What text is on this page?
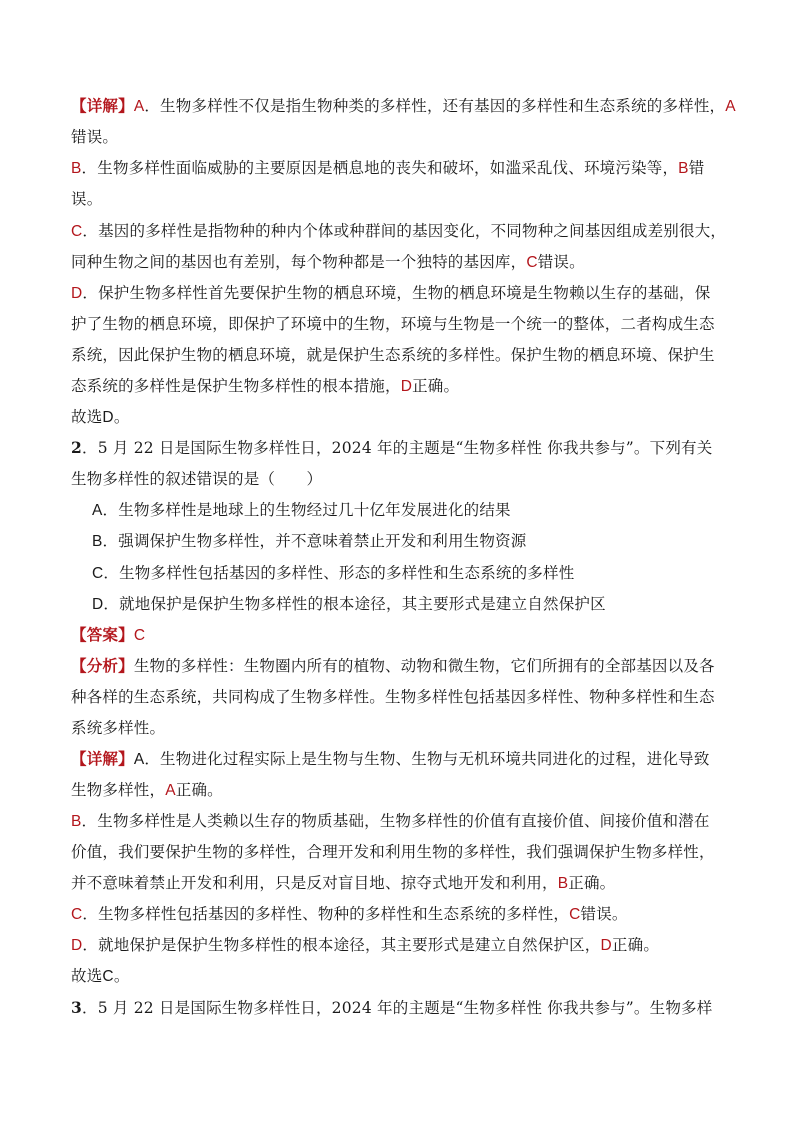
【详解】A．生物多样性不仅是指生物种类的多样性，还有基因的多样性和生态系统的多样性，A
错误。
B．生物多样性面临威胁的主要原因是栖息地的丧失和破坏，如滥采乱伐、环境污染等，B错
误。
C．基因的多样性是指物种的种内个体或种群间的基因变化，不同物种之间基因组成差别很大，
同种生物之间的基因也有差别，每个物种都是一个独特的基因库，C错误。
D．保护生物多样性首先要保护生物的栖息环境，生物的栖息环境是生物赖以生存的基础，保
护了生物的栖息环境，即保护了环境中的生物，环境与生物是一个统一的整体，二者构成生态
系统，因此保护生物的栖息环境，就是保护生态系统的多样性。保护生物的栖息环境、保护生
态系统的多样性是保护生物多样性的根本措施，D正确。
故选D。
2．5 月 22 日是国际生物多样性日，2024 年的主题是“生物多样性 你我共参与”。下列有关
生物多样性的叙述错误的是（　　）
A．生物多样性是地球上的生物经过几十亿年发展进化的结果
B．强调保护生物多样性，并不意味着禁止开发和利用生物资源
C．生物多样性包括基因的多样性、形态的多样性和生态系统的多样性
D．就地保护是保护生物多样性的根本途径，其主要形式是建立自然保护区
【答案】C
【分析】生物的多样性：生物圈内所有的植物、动物和微生物，它们所拥有的全部基因以及各
种各样的生态系统，共同构成了生物多样性。生物多样性包括基因多样性、物种多样性和生态
系统多样性。
【详解】A．生物进化过程实际上是生物与生物、生物与无机环境共同进化的过程，进化导致
生物多样性，A正确。
B．生物多样性是人类赖以生存的物质基础，生物多样性的价值有直接价值、间接价值和潜在
价值，我们要保护生物的多样性，合理开发和利用生物的多样性，我们强调保护生物多样性，
并不意味着禁止开发和利用，只是反对盲目地、掠夺式地开发和利用，B正确。
C．生物多样性包括基因的多样性、物种的多样性和生态系统的多样性，C错误。
D．就地保护是保护生物多样性的根本途径，其主要形式是建立自然保护区，D正确。
故选C。
3．5 月 22 日是国际生物多样性日，2024 年的主题是“生物多样性 你我共参与”。生物多样
